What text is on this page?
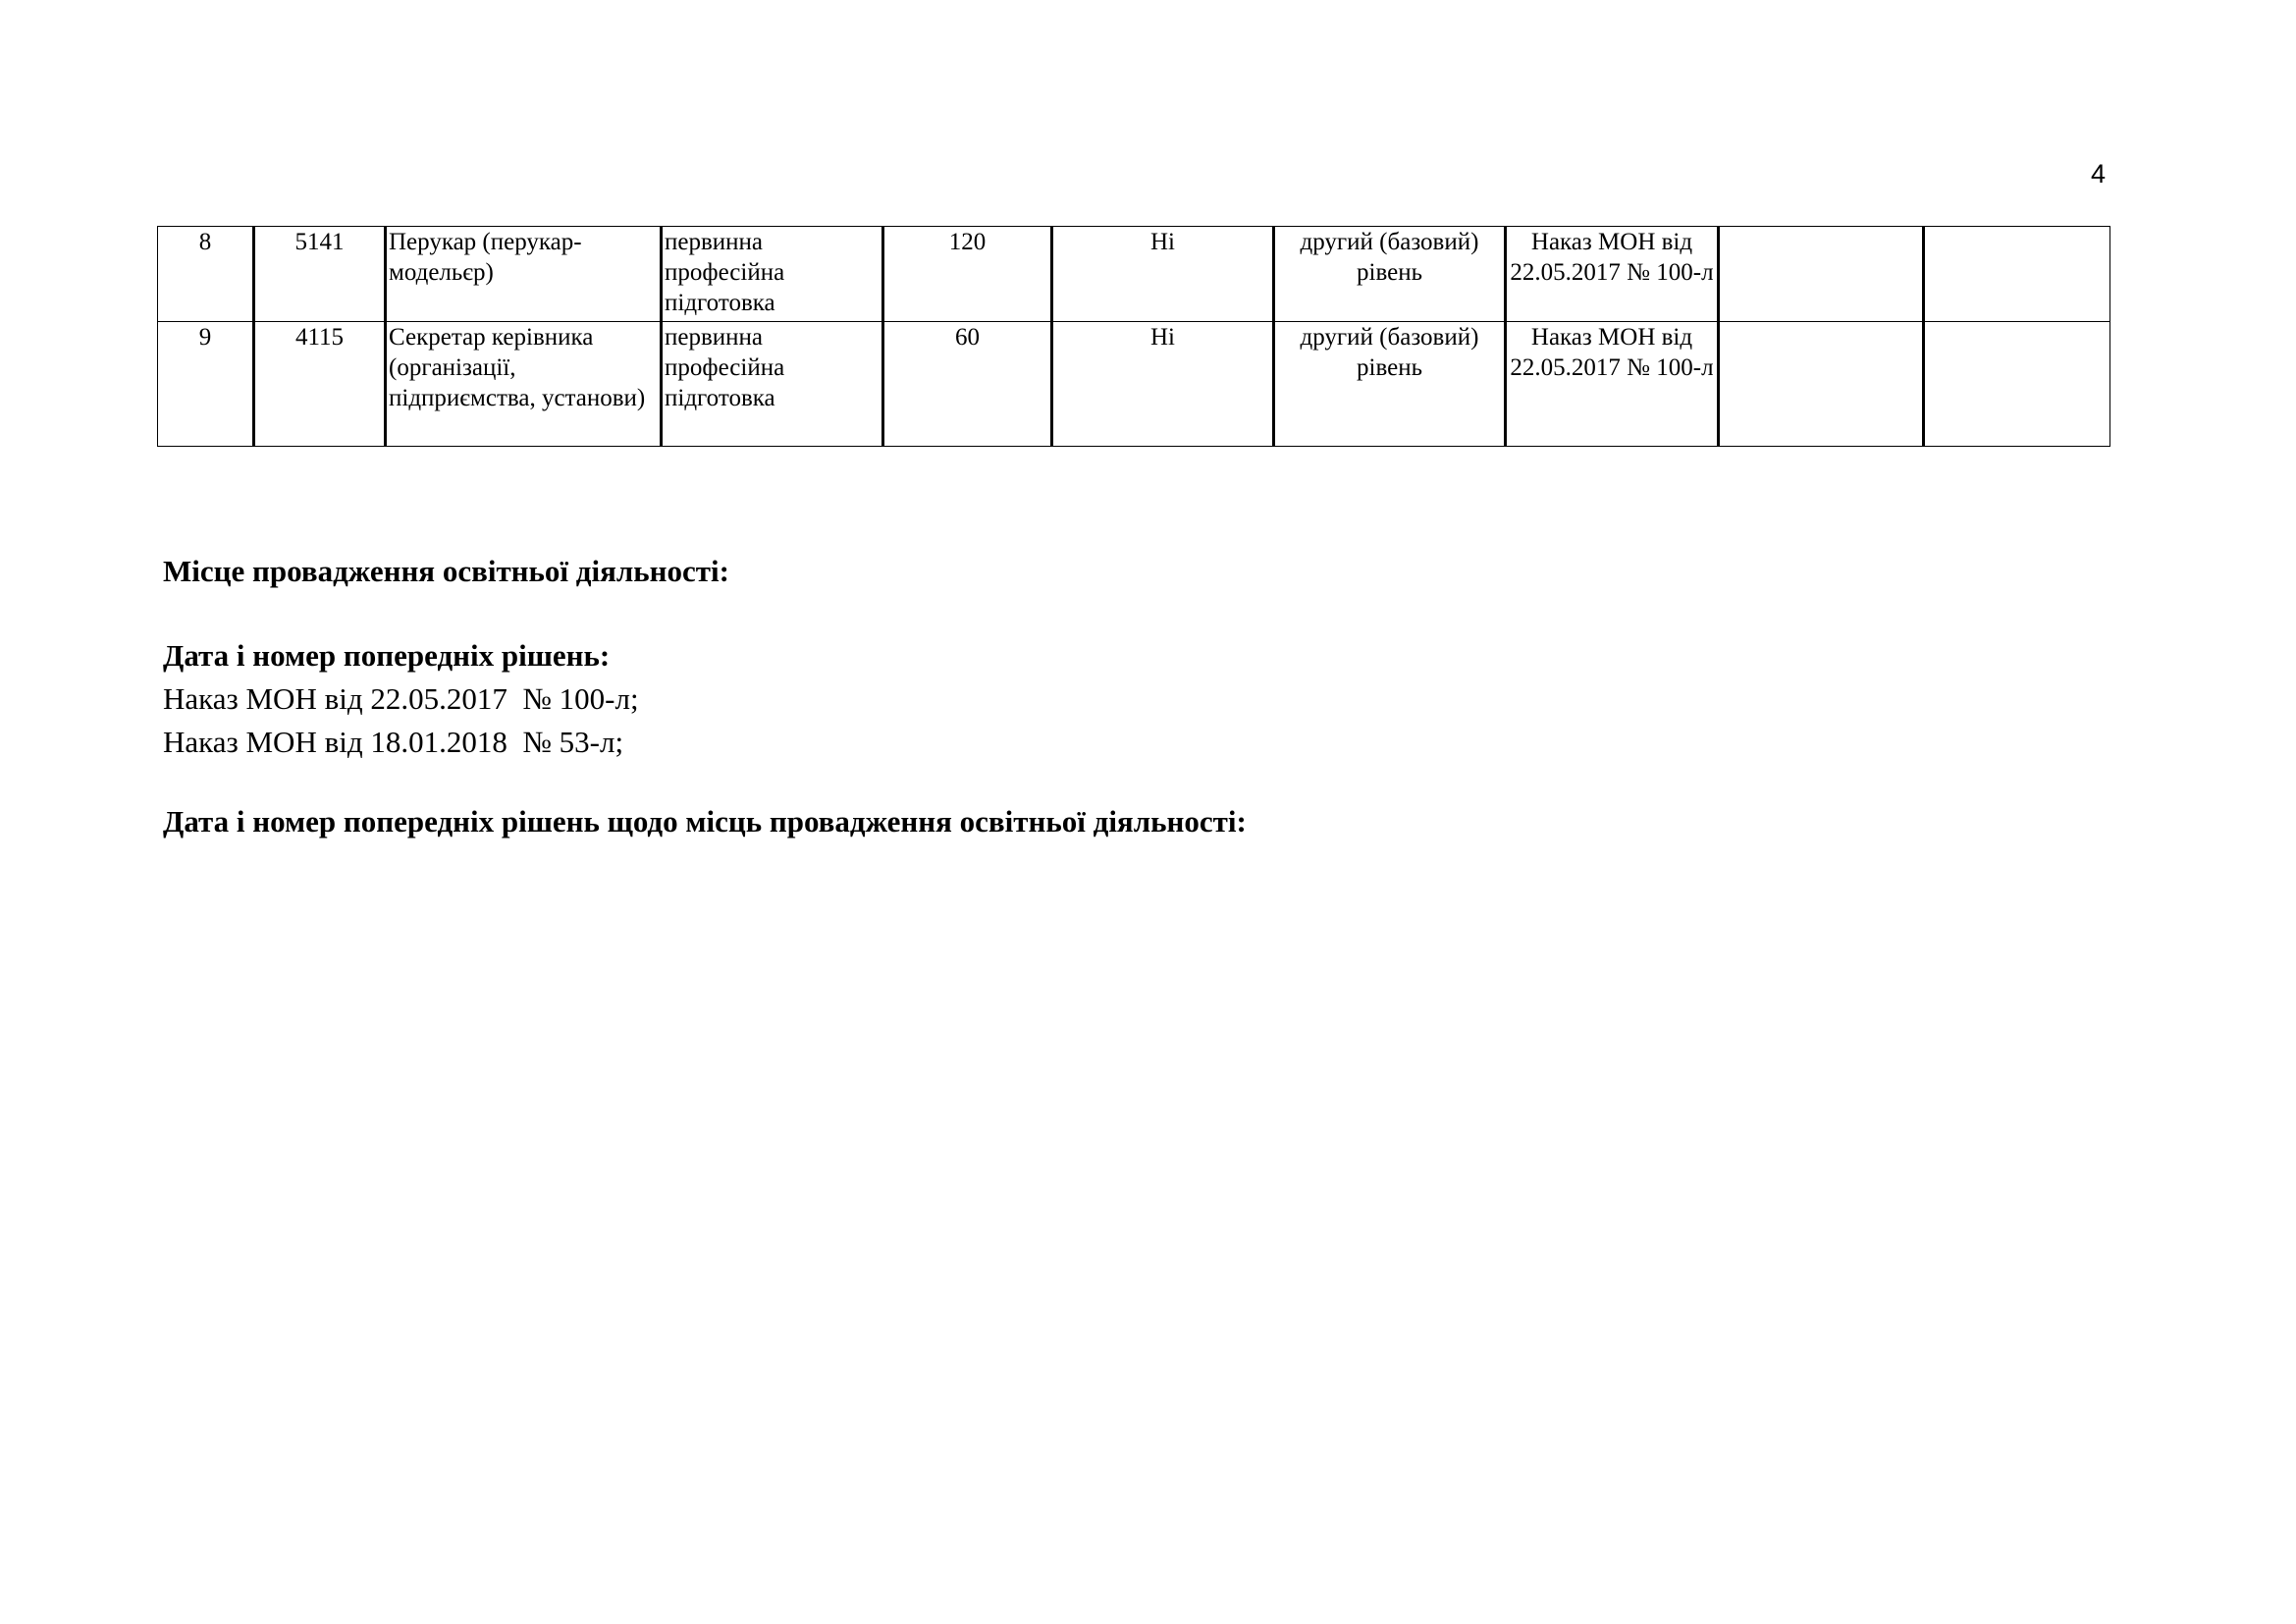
4
8	5141	Перукар (перукар-модельєр)	первинна професійна підготовка	120	Ні	другий (базовий) рівень	Наказ МОН від 22.05.2017 № 100-л		
9	4115	Секретар керівника (організації, підприємства, установи)	первинна професійна підготовка	60	Ні	другий (базовий) рівень	Наказ МОН від 22.05.2017 № 100-л		
Місце провадження освітньої діяльності:
Дата і номер попередніх рішень:
Наказ МОН від 22.05.2017  № 100-л;
Наказ МОН від 18.01.2018  № 53-л;
Дата і номер попередніх рішень щодо місць провадження освітньої діяльності:
